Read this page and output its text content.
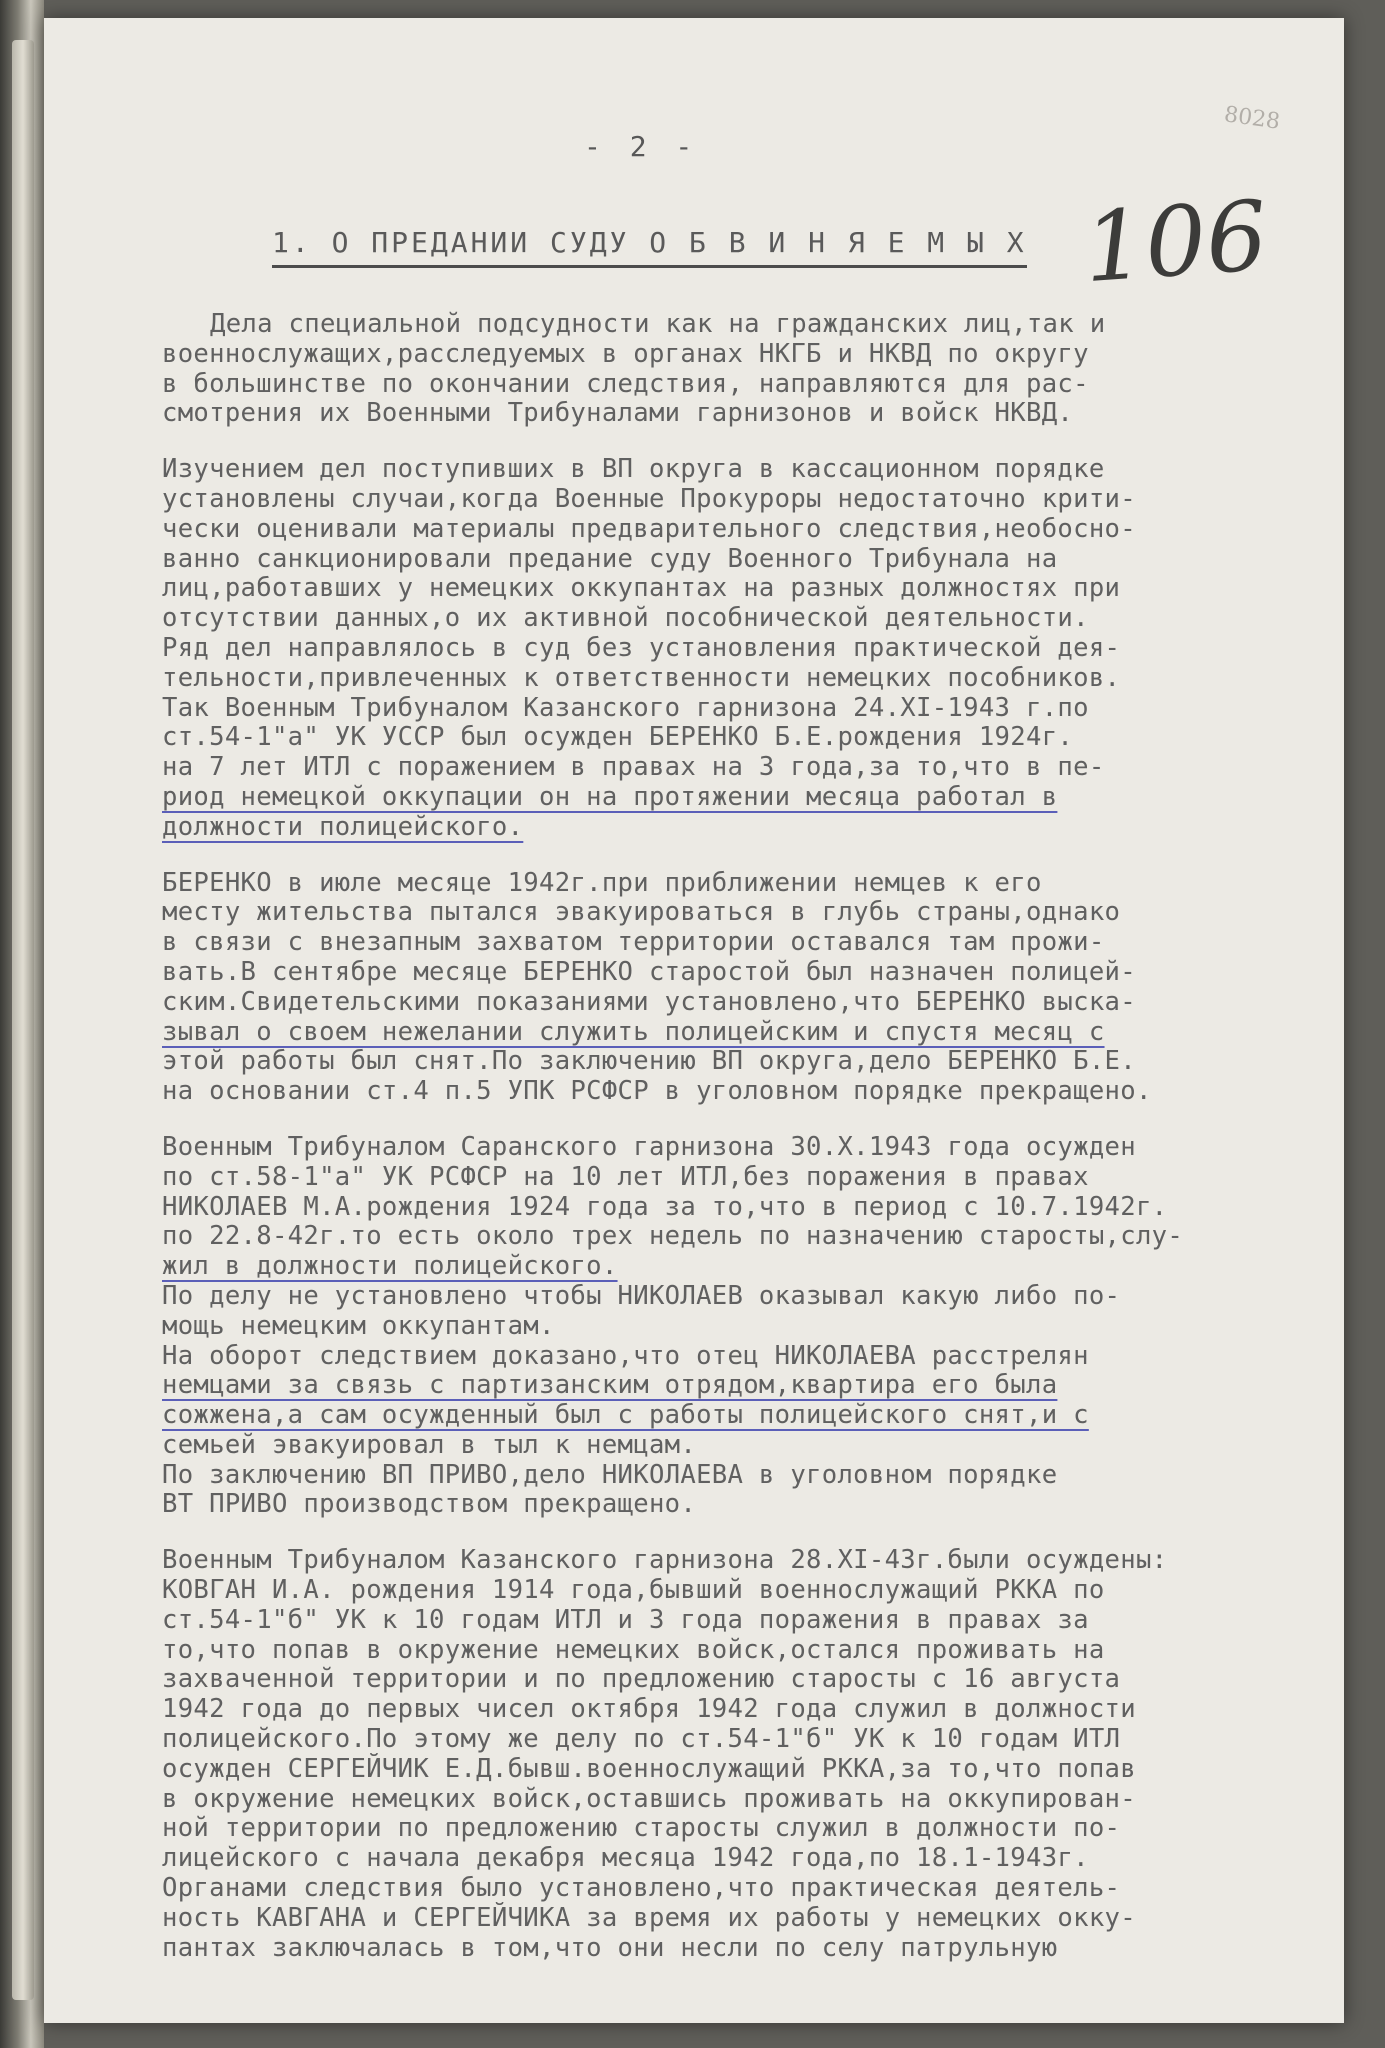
- 2 -
8028
106
1. О ПРЕДАНИИ СУДУ О Б В И Н Я Е М Ы Х
Дела специальной подсудности как на гражданских лиц,так и
военнослужащих,расследуемых в органах НКГБ и НКВД по округу
в большинстве по окончании следствия, направляются для рас-
смотрения их Военными Трибуналами гарнизонов и войск НКВД.
Изучением дел поступивших в ВП округа в кассационном порядке
установлены случаи,когда Военные Прокуроры недостаточно крити-
чески оценивали материалы предварительного следствия,необосно-
ванно санкционировали предание суду Военного Трибунала на
лиц,работавших у немецких оккупантах на разных должностях при
отсутствии данных,о их активной пособнической деятельности.
Ряд дел направлялось в суд без установления практической дея-
тельности,привлеченных к ответственности немецких пособников.
Так Военным Трибуналом Казанского гарнизона 24.XI-1943 г.по
ст.54-1"а" УК УССР был осужден БЕРЕНКО Б.Е.рождения 1924г.
на 7 лет ИТЛ с поражением в правах на 3 года,за то,что в пе-
риод немецкой оккупации он на протяжении месяца работал в
должности полицейского.
БЕРЕНКО в июле месяце 1942г.при приближении немцев к его
месту жительства пытался эвакуироваться в глубь страны,однако
в связи с внезапным захватом территории оставался там прожи-
вать.В сентябре месяце БЕРЕНКО старостой был назначен полицей-
ским.Свидетельскими показаниями установлено,что БЕРЕНКО выска-
зывал о своем нежелании служить полицейским и спустя месяц с
этой работы был снят.По заключению ВП округа,дело БЕРЕНКО Б.Е.
на основании ст.4 п.5 УПК РСФСР в уголовном порядке прекращено.
Военным Трибуналом Саранского гарнизона 30.X.1943 года осужден
по ст.58-1"а" УК РСФСР на 10 лет ИТЛ,без поражения в правах
НИКОЛАЕВ М.А.рождения 1924 года за то,что в период с 10.7.1942г.
по 22.8-42г.то есть около трех недель по назначению старосты,слу-
жил в должности полицейского.
По делу не установлено чтобы НИКОЛАЕВ оказывал какую либо по-
мощь немецким оккупантам.
На оборот следствием доказано,что отец НИКОЛАЕВА расстрелян
немцами за связь с партизанским отрядом,квартира его была
сожжена,а сам осужденный был с работы полицейского снят,и с
семьей эвакуировал в тыл к немцам.
По заключению ВП ПРИВО,дело НИКОЛАЕВА в уголовном порядке
ВТ ПРИВО производством прекращено.
Военным Трибуналом Казанского гарнизона 28.XI-43г.были осуждены:
КОВГАН И.А. рождения 1914 года,бывший военнослужащий РККА по
ст.54-1"б" УК к 10 годам ИТЛ и 3 года поражения в правах за
то,что попав в окружение немецких войск,остался проживать на
захваченной территории и по предложению старосты с 16 августа
1942 года до первых чисел октября 1942 года служил в должности
полицейского.По этому же делу по ст.54-1"б" УК к 10 годам ИТЛ
осужден СЕРГЕЙЧИК Е.Д.бывш.военнослужащий РККА,за то,что попав
в окружение немецких войск,оставшись проживать на оккупирован-
ной территории по предложению старосты служил в должности по-
лицейского с начала декабря месяца 1942 года,по 18.1-1943г.
Органами следствия было установлено,что практическая деятель-
ность КАВГАНА и СЕРГЕЙЧИКА за время их работы у немецких окку-
пантах заключалась в том,что они несли по селу патрульную
